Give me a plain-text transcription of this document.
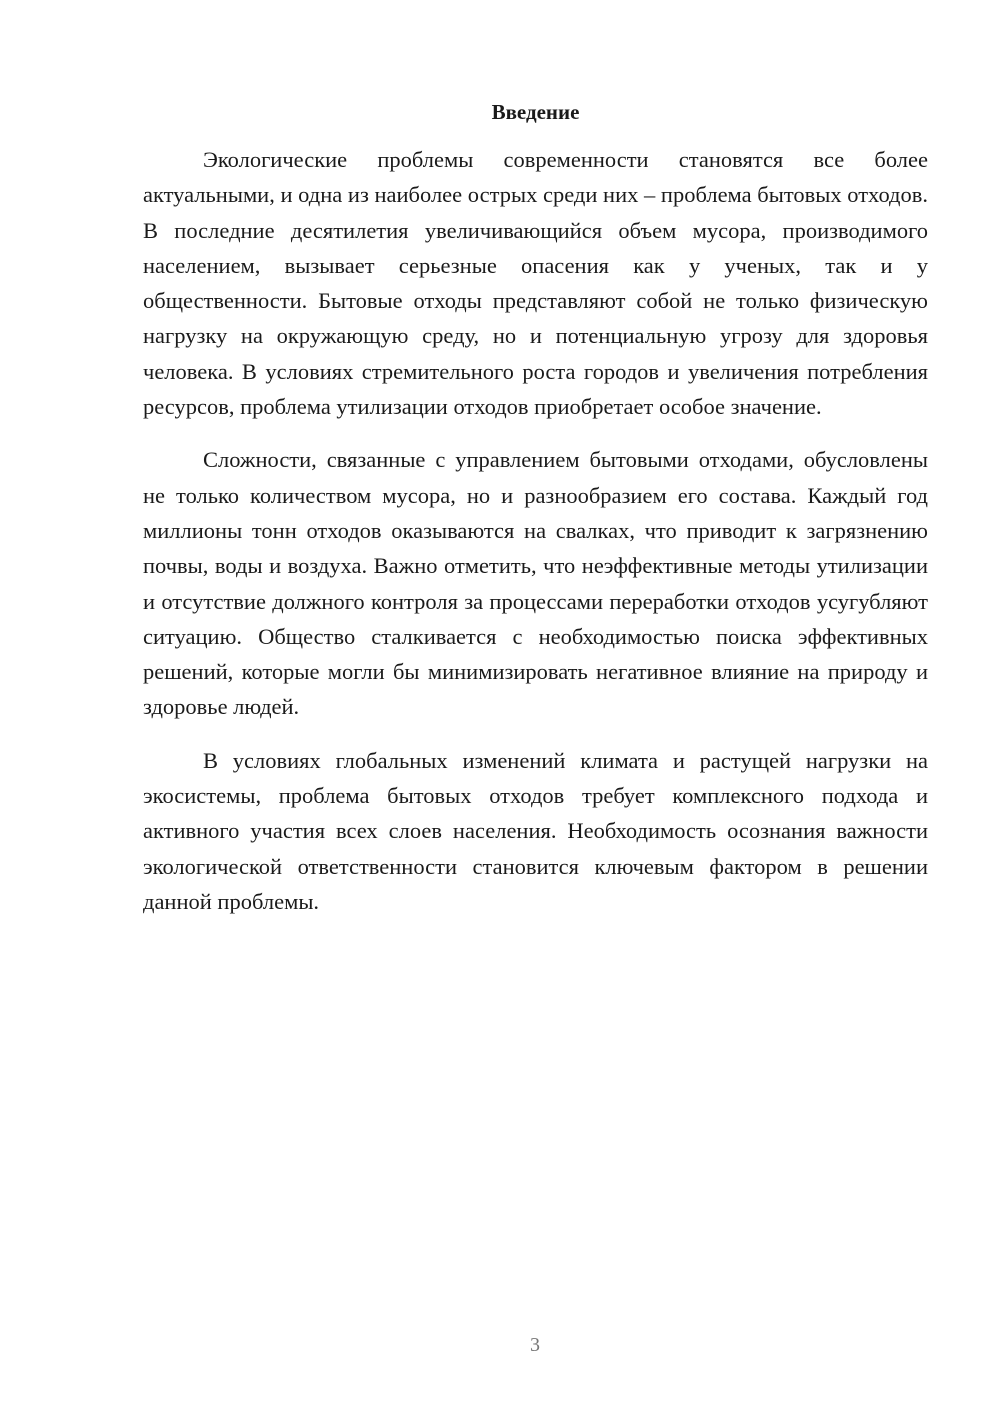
Введение

Экологические проблемы современности становятся все более актуальными, и одна из наиболее острых среди них – проблема бытовых отходов. В последние десятилетия увеличивающийся объем мусора, производимого населением, вызывает серьезные опасения как у ученых, так и у общественности. Бытовые отходы представляют собой не только физическую нагрузку на окружающую среду, но и потенциальную угрозу для здоровья человека. В условиях стремительного роста городов и увеличения потребления ресурсов, проблема утилизации отходов приобретает особое значение.

Сложности, связанные с управлением бытовыми отходами, обусловлены не только количеством мусора, но и разнообразием его состава. Каждый год миллионы тонн отходов оказываются на свалках, что приводит к загрязнению почвы, воды и воздуха. Важно отметить, что неэффективные методы утилизации и отсутствие должного контроля за процессами переработки отходов усугубляют ситуацию. Общество сталкивается с необходимостью поиска эффективных решений, которые могли бы минимизировать негативное влияние на природу и здоровье людей.

В условиях глобальных изменений климата и растущей нагрузки на экосистемы, проблема бытовых отходов требует комплексного подхода и активного участия всех слоев населения. Необходимость осознания важности экологической ответственности становится ключевым фактором в решении данной проблемы.

3
